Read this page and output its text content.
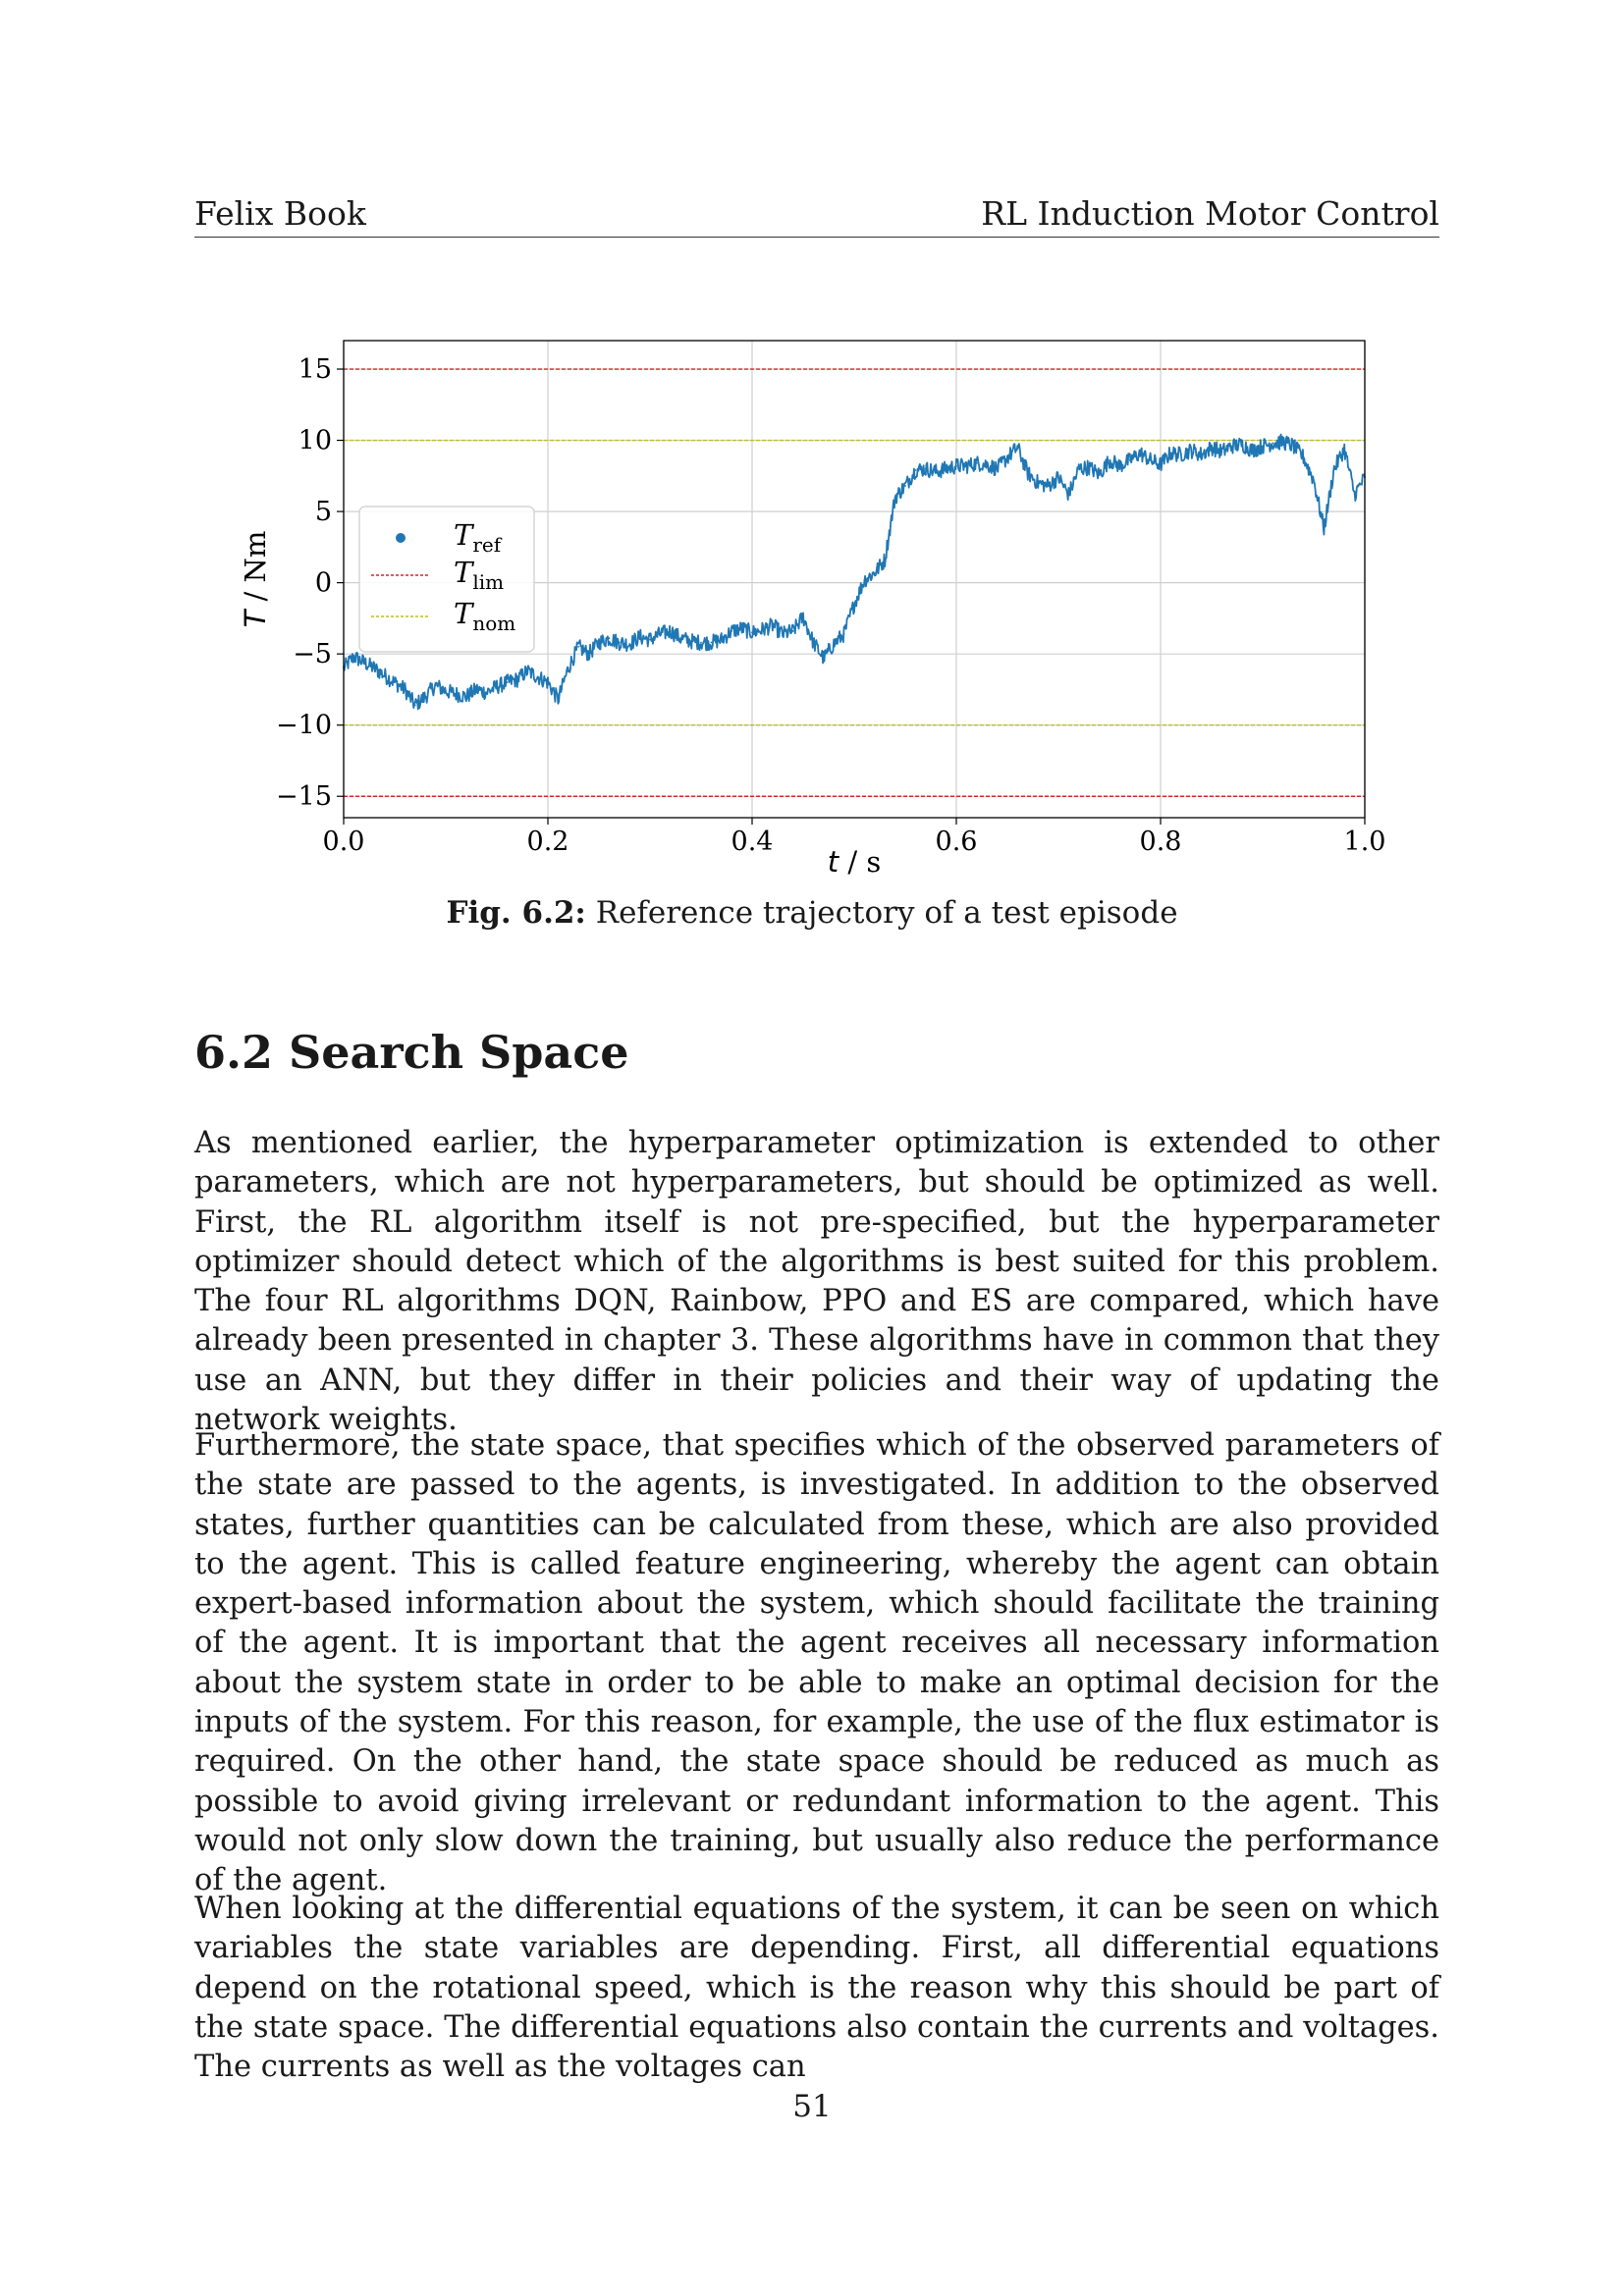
Felix Book	RL Induction Motor Control
0.0	0.2	0.4	0.6	0.8	1.0
15
10
5
0
−5
−10
−15
t / s
T / Nm	$T_{ref}$
$T_{lim}$
$T_{nom}$
Fig. 6.2: Reference trajectory of a test episode
6.2 Search Space

As mentioned earlier, the hyperparameter optimization is extended to other parameters, which are not hyperparameters, but should be optimized as well. First, the RL algorithm itself is not pre-specified, but the hyperparameter optimizer should detect which of the algorithms is best suited for this problem. The four RL algorithms DQN, Rainbow, PPO and ES are compared, which have already been presented in chapter 3. These algorithms have in common that they use an ANN, but they differ in their policies and their way of updating the network weights.

Furthermore, the state space, that specifies which of the observed parameters of the state are passed to the agents, is investigated. In addition to the observed states, further quantities can be calculated from these, which are also provided to the agent. This is called feature engineering, whereby the agent can obtain expert-based information about the system, which should facilitate the training of the agent. It is important that the agent receives all necessary information about the system state in order to be able to make an optimal decision for the inputs of the system. For this reason, for example, the use of the flux estimator is required. On the other hand, the state space should be reduced as much as possible to avoid giving irrelevant or redundant information to the agent. This would not only slow down the training, but usually also reduce the performance of the agent.

When looking at the differential equations of the system, it can be seen on which variables the state variables are depending. First, all differential equations depend on the rotational speed, which is the reason why this should be part of the state space. The differential equations also contain the currents and voltages. The currents as well as the voltages can

51
